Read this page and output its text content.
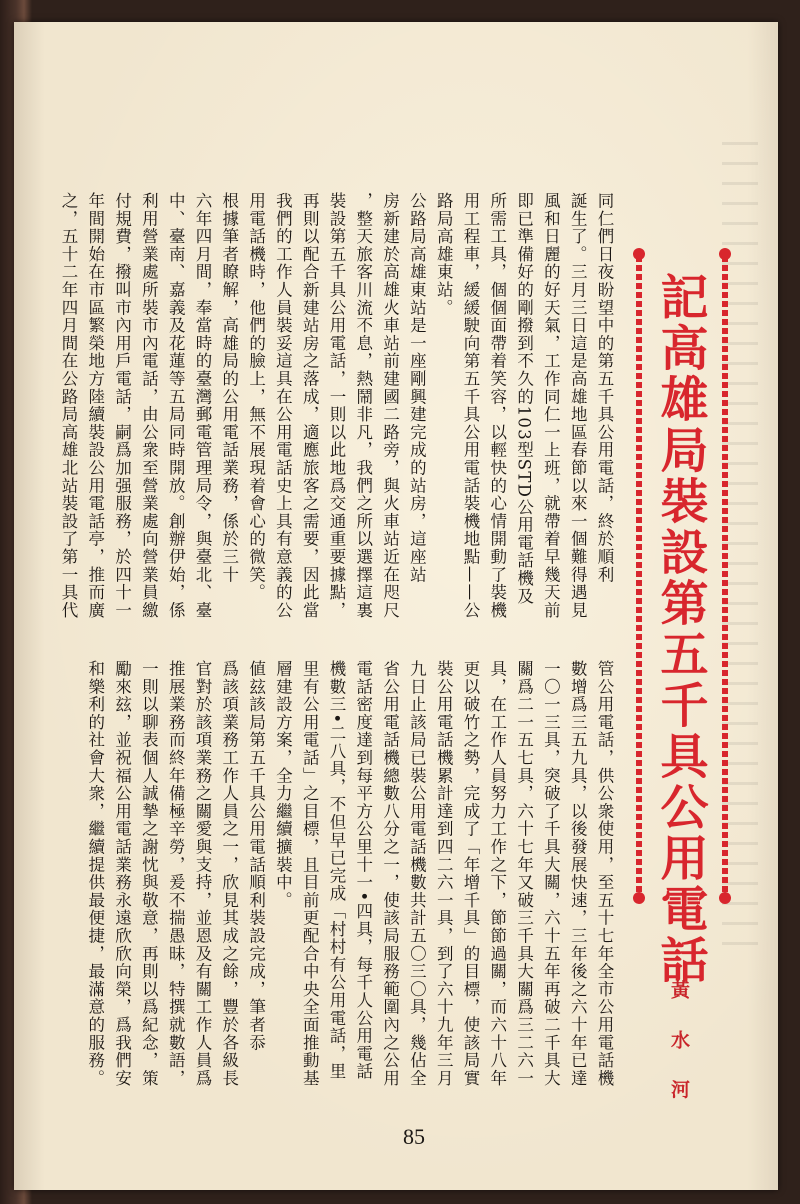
記高雄局裝設第五千具公用電話
同仁們日夜盼望中的第五千具公用電話，終於順利
誕生了。三月三日這是高雄地區春節以來一個難得遇見
風和日麗的好天氣，工作同仁一上班，就帶着早幾天前
即已準備好的剛撥到不久的103型STD公用電話機及
所需工具，個個面帶着笑容，以輕快的心情開動了裝機
用工程車，緩緩駛向第五千具公用電話裝機地點——公
路局高雄東站。
公路局高雄東站是一座剛興建完成的站房，這座站
房新建於高雄火車站前建國二路旁，與火車站近在咫尺
，整天旅客川流不息，熱鬧非凡，我們之所以選擇這裏
裝設第五千具公用電話，一則以此地爲交通重要據點，
再則以配合新建站房之落成，適應旅客之需要，因此當
我們的工作人員裝妥這具在公用電話史上具有意義的公
用電話機時，他們的臉上，無不展現着會心的微笑。
根據筆者瞭解，高雄局的公用電話業務，係於三十
六年四月間，奉當時的臺灣郵電管理局令，與臺北、臺
中、臺南、嘉義及花蓮等五局同時開放。創辦伊始，係
利用營業處所裝市內電話，由公衆至營業處向營業員繳
付規費，撥叫市內用戶電話，嗣爲加强服務，於四十一
年間開始在市區繁榮地方陸續裝設公用電話亭，推而廣
之，五十二年四月間在公路局高雄北站裝設了第一具代
管公用電話，供公衆使用，至五十七年全市公用電話機
數增爲三五九具，以後發展快速，三年後之六十年已達
一〇一三具，突破了千具大關，六十五年再破二千具大
關爲二一五七具，六十七年又破三千具大關爲三二六一
具，在工作人員努力工作之下，節節過關，而六十八年
更以破竹之勢，完成了「年增千具」的目標，使該局實
裝公用電話機累計達到四二六一具，到了六十九年三月
九日止該局已裝公用電話機數共計五〇三〇具，幾佔全
省公用電話機總數八分之一，使該局服務範圍內之公用
電話密度達到每平方公里十一•四具，每千人公用電話
機數三•二八具，不但早已完成「村村有公用電話，里
里有公用電話」之目標，且目前更配合中央全面推動基
層建設方案，全力繼續擴裝中。
値玆該局第五千具公用電話順利裝設完成，筆者忝
爲該項業務工作人員之一，欣見其成之餘，豐於各級長
官對於該項業務之關愛與支持，並恩及有關工作人員爲
推展業務而終年備極辛勞，爰不揣愚昧，特撰就數語，
一則以聊表個人誠摯之謝忱與敬意，再則以爲紀念，策
勵來玆，並祝福公用電話業務永遠欣欣向榮，爲我們安
和樂利的社會大衆，繼續提供最便捷，最滿意的服務。	黃 水 河
85
